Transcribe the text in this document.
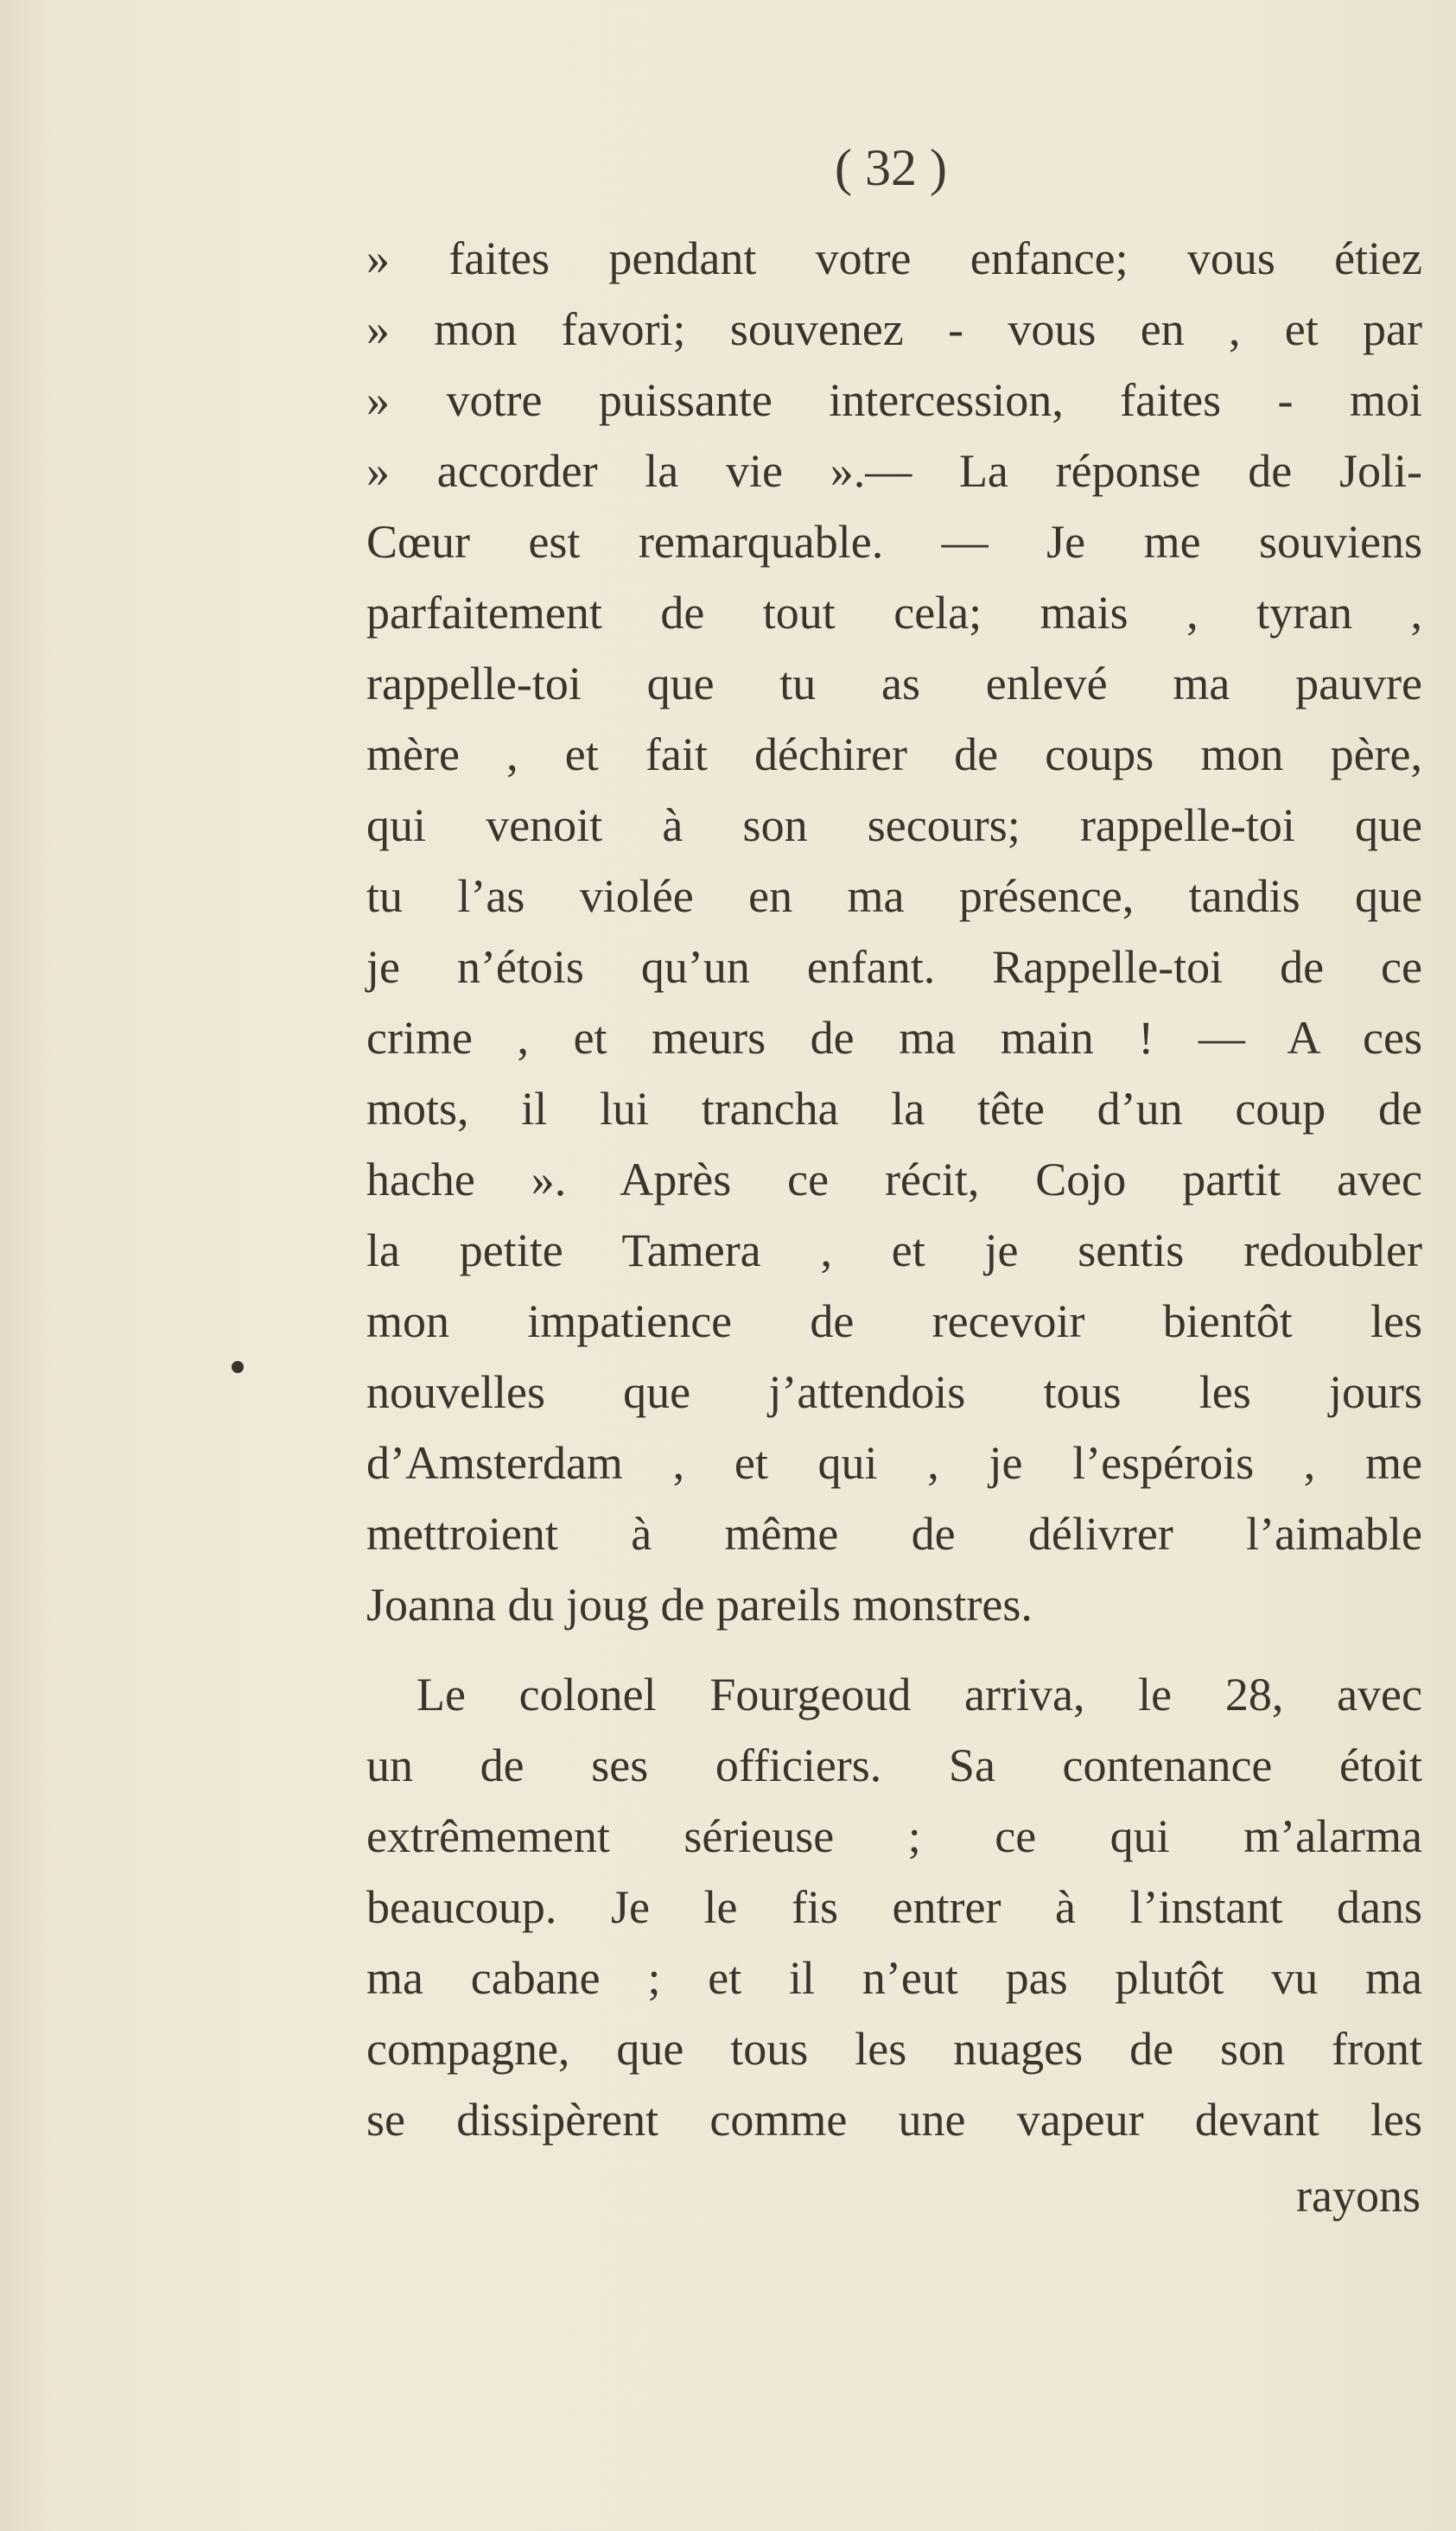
( 32 )
» faites pendant votre enfance; vous étiez
» mon favori; souvenez - vous en , et par
» votre puissante intercession, faites - moi
» accorder la vie ».— La réponse de Joli-
Cœur est remarquable. — Je me souviens
parfaitement de tout cela; mais , tyran ,
rappelle-toi que tu as enlevé ma pauvre
mère , et fait déchirer de coups mon père,
qui venoit à son secours; rappelle-toi que
tu l’as violée en ma présence, tandis que
je n’étois qu’un enfant. Rappelle-toi de ce
crime , et meurs de ma main ! — A ces
mots, il lui trancha la tête d’un coup de
hache ». Après ce récit, Cojo partit avec
la petite Tamera , et je sentis redoubler
mon impatience de recevoir bientôt les
nouvelles que j’attendois tous les jours
d’Amsterdam , et qui , je l’espérois , me
mettroient à même de délivrer l’aimable
Joanna du joug de pareils monstres.
Le colonel Fourgeoud arriva, le 28, avec
un de ses officiers. Sa contenance étoit
extrêmement sérieuse ; ce qui m’alarma
beaucoup. Je le fis entrer à l’instant dans
ma cabane ; et il n’eut pas plutôt vu ma
compagne, que tous les nuages de son front
se dissipèrent comme une vapeur devant les
rayons
